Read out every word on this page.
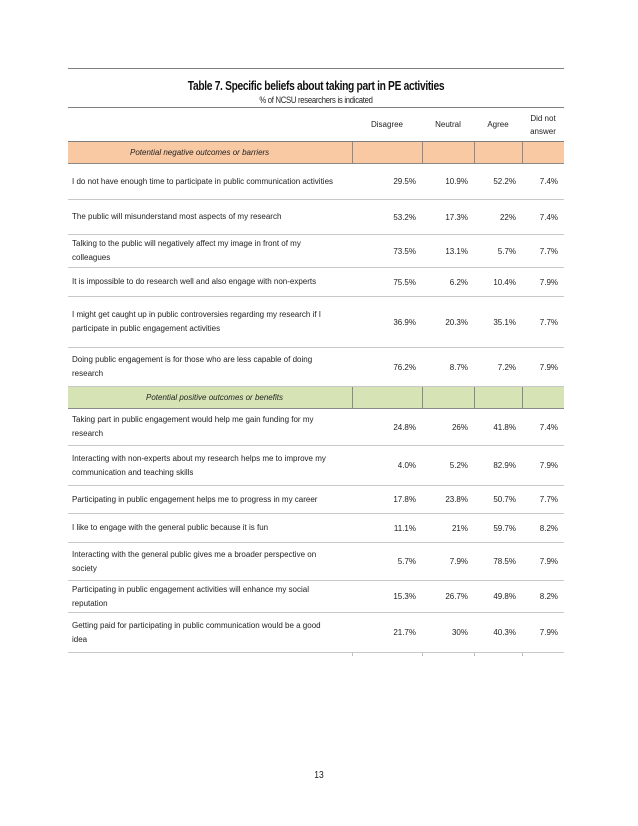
Table 7. Specific beliefs about taking part in PE activities
% of NCSU researchers is indicated
	Disagree	Neutral	Agree	Did not answer
Potential negative outcomes or barriers				
I do not have enough time to participate in public communication activities	29.5%	10.9%	52.2%	7.4%
The public will misunderstand most aspects of my research	53.2%	17.3%	22%	7.4%
Talking to the public will negatively affect my image in front of my colleagues	73.5%	13.1%	5.7%	7.7%
It is impossible to do research well and also engage with non-experts	75.5%	6.2%	10.4%	7.9%
I might get caught up in public controversies regarding my research if I participate in public engagement activities	36.9%	20.3%	35.1%	7.7%
Doing public engagement is for those who are less capable of doing research	76.2%	8.7%	7.2%	7.9%
Potential positive outcomes or benefits				
Taking part in public engagement would help me gain funding for my research	24.8%	26%	41.8%	7.4%
Interacting with non-experts about my research helps me to improve my communication and teaching skills	4.0%	5.2%	82.9%	7.9%
Participating in public engagement helps me to progress in my career	17.8%	23.8%	50.7%	7.7%
I like to engage with the general public because it is fun	11.1%	21%	59.7%	8.2%
Interacting with the general public gives me a broader perspective on society	5.7%	7.9%	78.5%	7.9%
Participating in public engagement activities will enhance my social reputation	15.3%	26.7%	49.8%	8.2%
Getting paid for participating in public communication would be a good idea	21.7%	30%	40.3%	7.9%

13
